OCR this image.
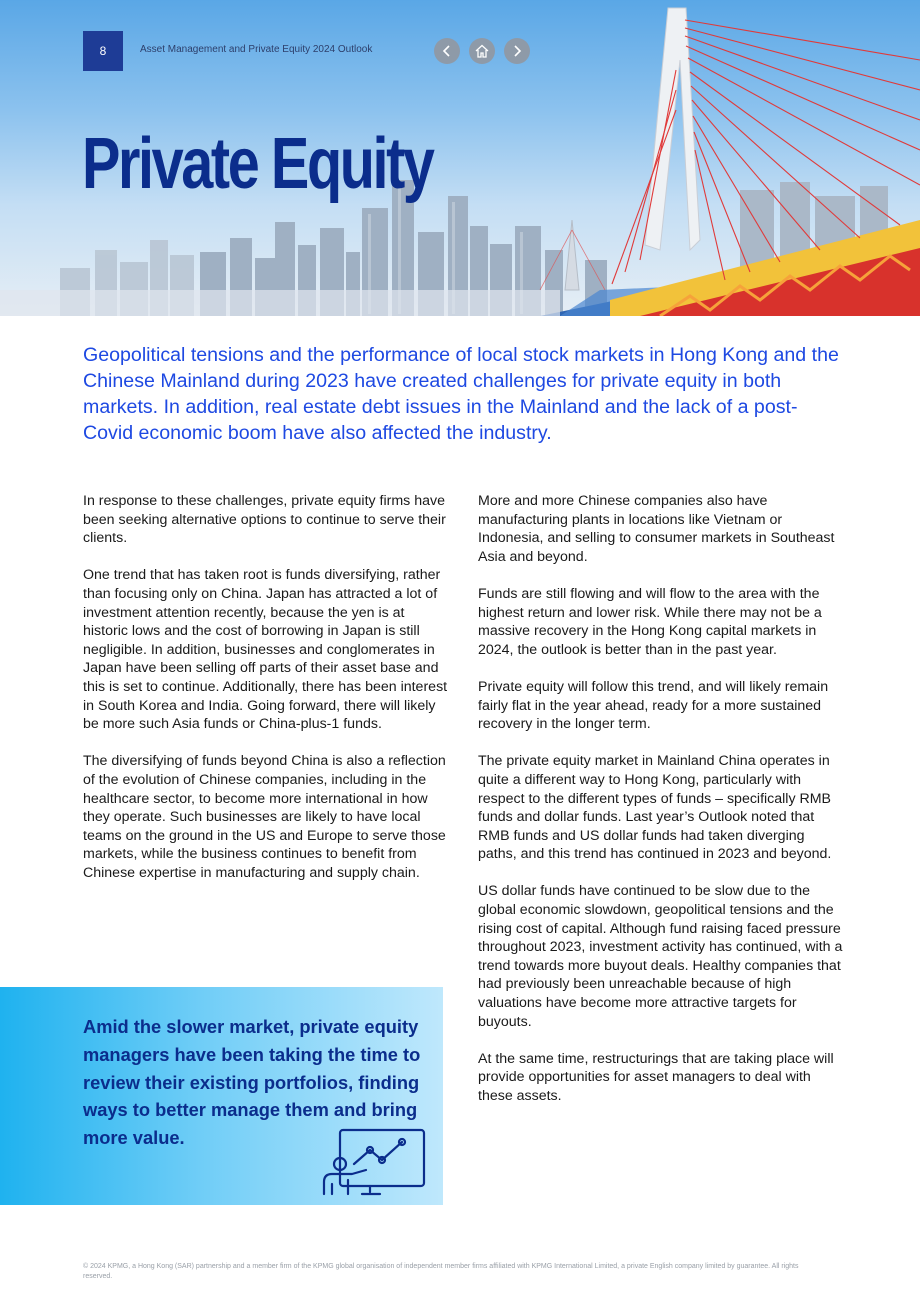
8	Asset Management and Private Equity 2024 Outlook
Private Equity

Geopolitical tensions and the performance of local stock markets in Hong Kong and the Chinese Mainland during 2023 have created challenges for private equity in both markets. In addition, real estate debt issues in the Mainland and the lack of a post-Covid economic boom have also affected the industry.

In response to these challenges, private equity firms have been seeking alternative options to continue to serve their clients.

One trend that has taken root is funds diversifying, rather than focusing only on China. Japan has attracted a lot of investment attention recently, because the yen is at historic lows and the cost of borrowing in Japan is still negligible. In addition, businesses and conglomerates in Japan have been selling off parts of their asset base and this is set to continue. Additionally, there has been interest in South Korea and India. Going forward, there will likely be more such Asia funds or China-plus-1 funds.

The diversifying of funds beyond China is also a reflection of the evolution of Chinese companies, including in the healthcare sector, to become more international in how they operate. Such businesses are likely to have local teams on the ground in the US and Europe to serve those markets, while the business continues to benefit from Chinese expertise in manufacturing and supply chain.

More and more Chinese companies also have manufacturing plants in locations like Vietnam or Indonesia, and selling to consumer markets in Southeast Asia and beyond.

Funds are still flowing and will flow to the area with the highest return and lower risk. While there may not be a massive recovery in the Hong Kong capital markets in 2024, the outlook is better than in the past year.

Private equity will follow this trend, and will likely remain fairly flat in the year ahead, ready for a more sustained recovery in the longer term.

The private equity market in Mainland China operates in quite a different way to Hong Kong, particularly with respect to the different types of funds – specifically RMB funds and dollar funds. Last year’s Outlook noted that RMB funds and US dollar funds had taken diverging paths, and this trend has continued in 2023 and beyond.

US dollar funds have continued to be slow due to the global economic slowdown, geopolitical tensions and the rising cost of capital. Although fund raising faced pressure throughout 2023, investment activity has continued, with a trend towards more buyout deals. Healthy companies that had previously been unreachable because of high valuations have become more attractive targets for buyouts.

At the same time, restructurings that are taking place will provide opportunities for asset managers to deal with these assets.

Amid the slower market, private equity managers have been taking the time to review their existing portfolios, finding ways to better manage them and bring more value.

© 2024 KPMG, a Hong Kong (SAR) partnership and a member firm of the KPMG global organisation of independent member firms affiliated with KPMG International Limited, a private English company limited by guarantee. All rights reserved.
